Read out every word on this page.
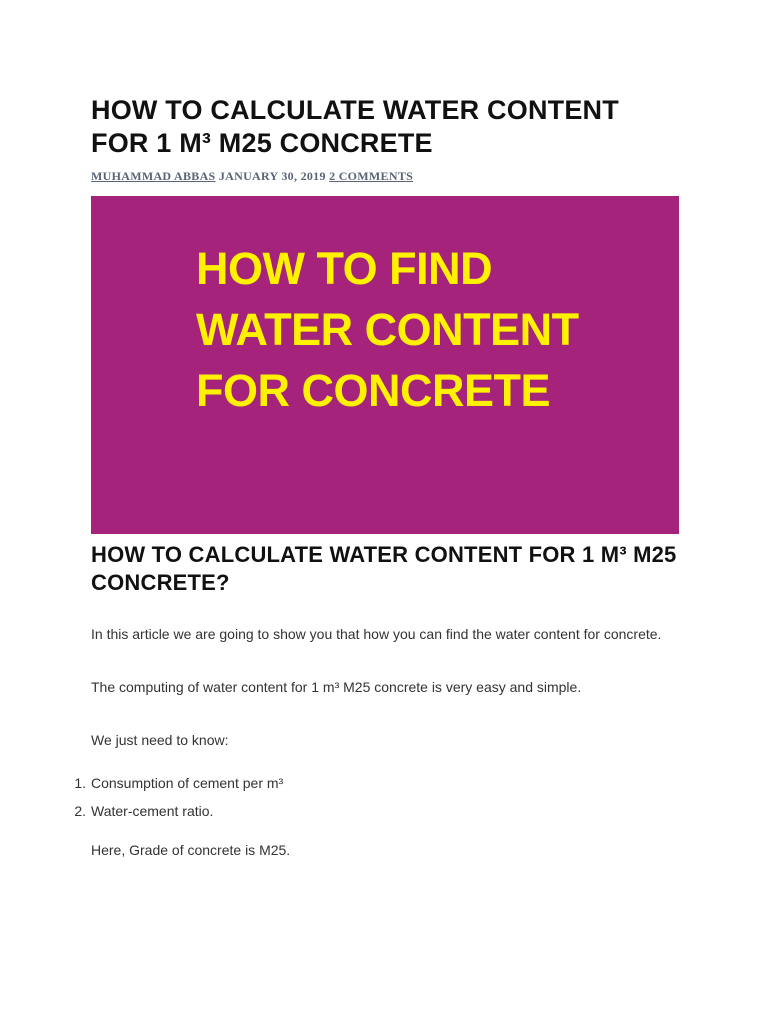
HOW TO CALCULATE WATER CONTENT FOR 1 M³ M25 CONCRETE
MUHAMMAD ABBAS JANUARY 30, 2019 2 COMMENTS
HOW TO FIND
WATER CONTENT
FOR CONCRETE
HOW TO CALCULATE WATER CONTENT FOR 1 M³ M25 CONCRETE?

In this article we are going to show you that how you can find the water content for concrete.

The computing of water content for 1 m³ M25 concrete is very easy and simple.

We just need to know:

1. Consumption of cement per m³
2. Water-cement ratio.

Here, Grade of concrete is M25.
